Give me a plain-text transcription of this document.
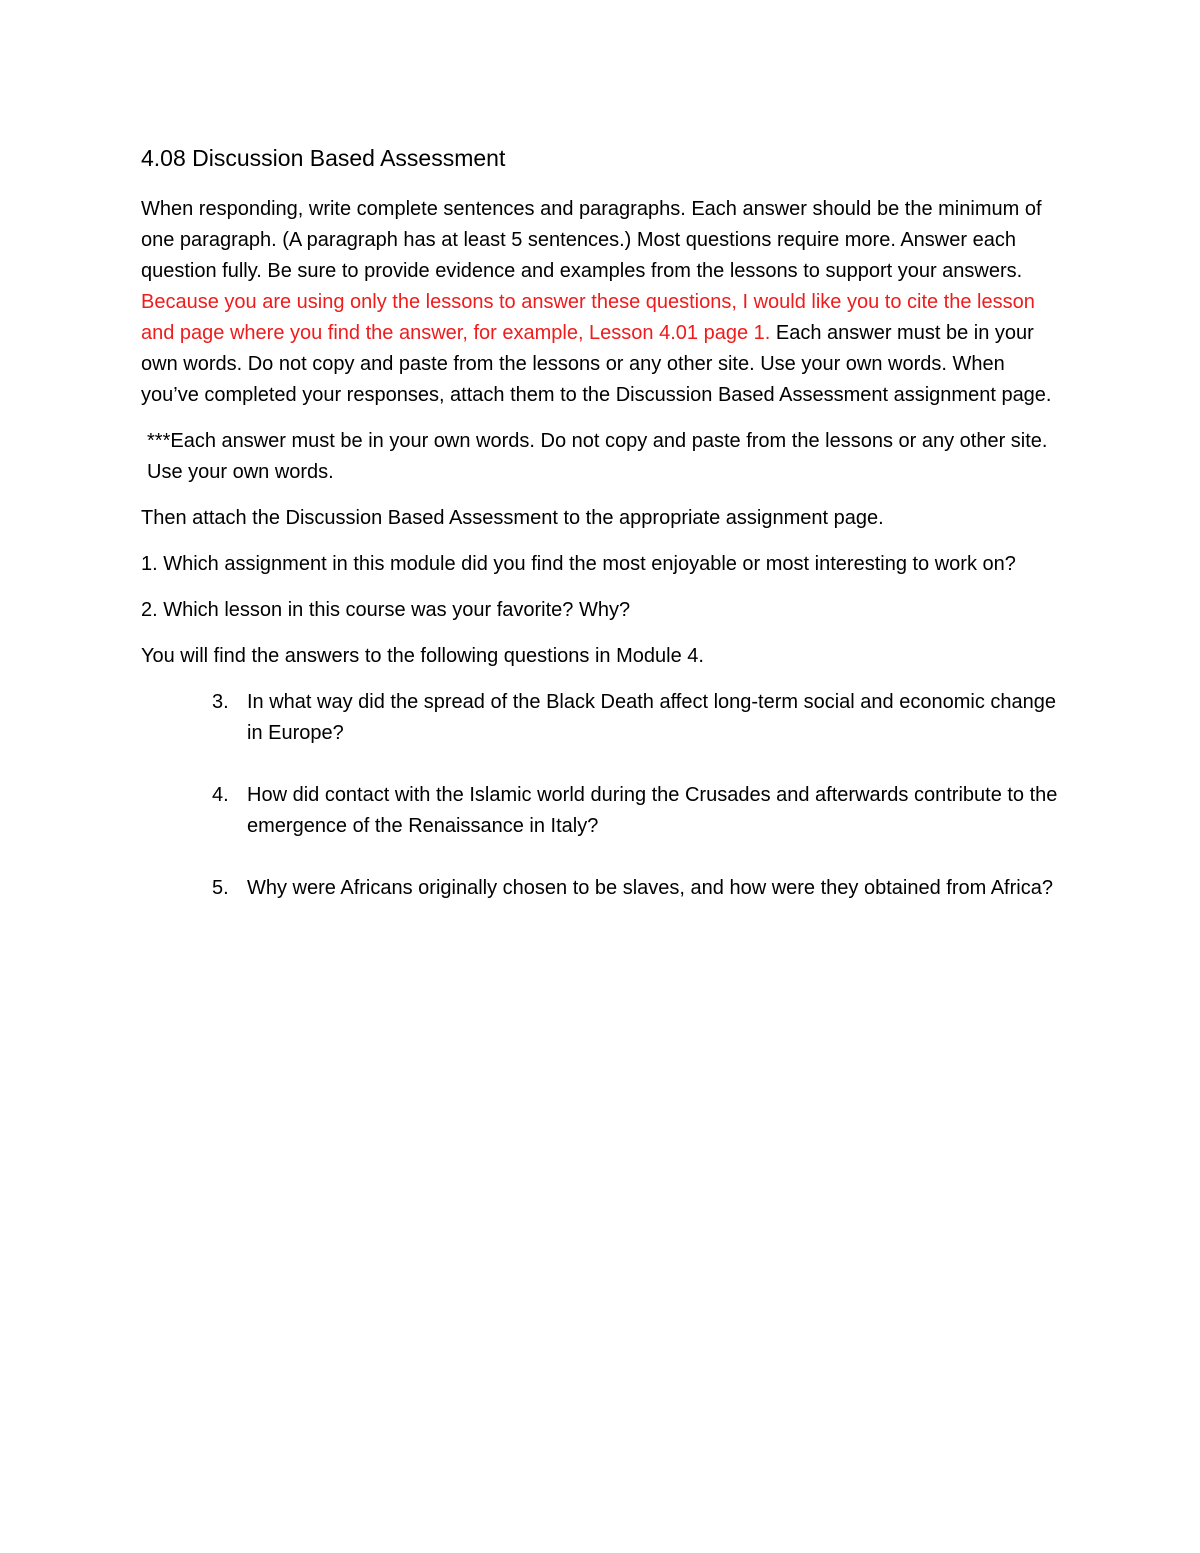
4.08 Discussion Based Assessment

When responding, write complete sentences and paragraphs. Each answer should be the minimum of one paragraph. (A paragraph has at least 5 sentences.) Most questions require more. Answer each question fully. Be sure to provide evidence and examples from the lessons to support your answers. Because you are using only the lessons to answer these questions, I would like you to cite the lesson and page where you find the answer, for example, Lesson 4.01 page 1. Each answer must be in your own words. Do not copy and paste from the lessons or any other site. Use your own words. When you’ve completed your responses, attach them to the Discussion Based Assessment assignment page.

***Each answer must be in your own words. Do not copy and paste from the lessons or any other site. Use your own words.

Then attach the Discussion Based Assessment to the appropriate assignment page.

1. Which assignment in this module did you find the most enjoyable or most interesting to work on?

2. Which lesson in this course was your favorite? Why?

You will find the answers to the following questions in Module 4.

3. In what way did the spread of the Black Death affect long-term social and economic change in Europe?
4. How did contact with the Islamic world during the Crusades and afterwards contribute to the emergence of the Renaissance in Italy?
5. Why were Africans originally chosen to be slaves, and how were they obtained from Africa?
